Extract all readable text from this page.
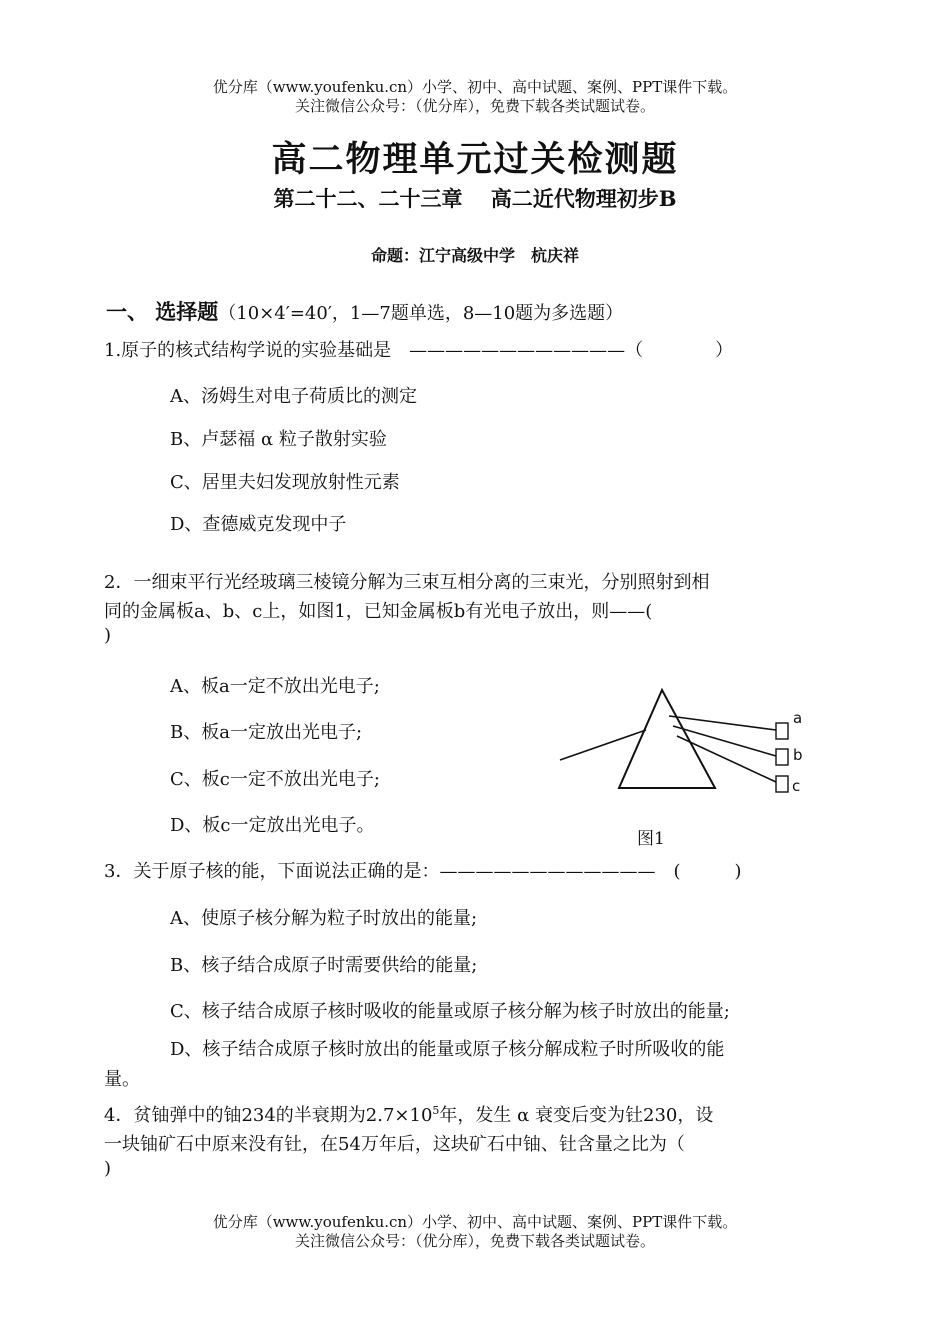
优分库（www.youfenku.cn）小学、初中、高中试题、案例、PPT课件下载。
关注微信公众号：（优分库），免费下载各类试题试卷。
高二物理单元过关检测题
第二十二、二十三章　 高二近代物理初步B
命题：江宁高级中学　杭庆祥
一、 选择题（10×4′=40′，1—7题单选，8—10题为多选题）
1.原子的核式结构学说的实验基础是　————————————（　　　　）
A、汤姆生对电子荷质比的测定
B、卢瑟福 α 粒子散射实验
C、居里夫妇发现放射性元素
D、查德威克发现中子
2．一细束平行光经玻璃三棱镜分解为三束互相分离的三束光，分别照射到相
同的金属板a、b、c上，如图1，已知金属板b有光电子放出，则——(
)
A、板a一定不放出光电子;
B、板a一定放出光电子;
C、板c一定不放出光电子;
D、板c一定放出光电子。
a
b
c
图1
3．关于原子核的能，下面说法正确的是：————————————　(　　　)
A、使原子核分解为粒子时放出的能量;
B、核子结合成原子时需要供给的能量;
C、核子结合成原子核时吸收的能量或原子核分解为核子时放出的能量;
D、核子结合成原子核时放出的能量或原子核分解成粒子时所吸收的能
量。
4．贫铀弹中的铀234的半衰期为$2.7\times 10^5$年，发生 α 衰变后变为钍230，设
一块铀矿石中原来没有钍，在54万年后，这块矿石中铀、钍含量之比为（
)
优分库（www.youfenku.cn）小学、初中、高中试题、案例、PPT课件下载。
关注微信公众号：（优分库），免费下载各类试题试卷。
